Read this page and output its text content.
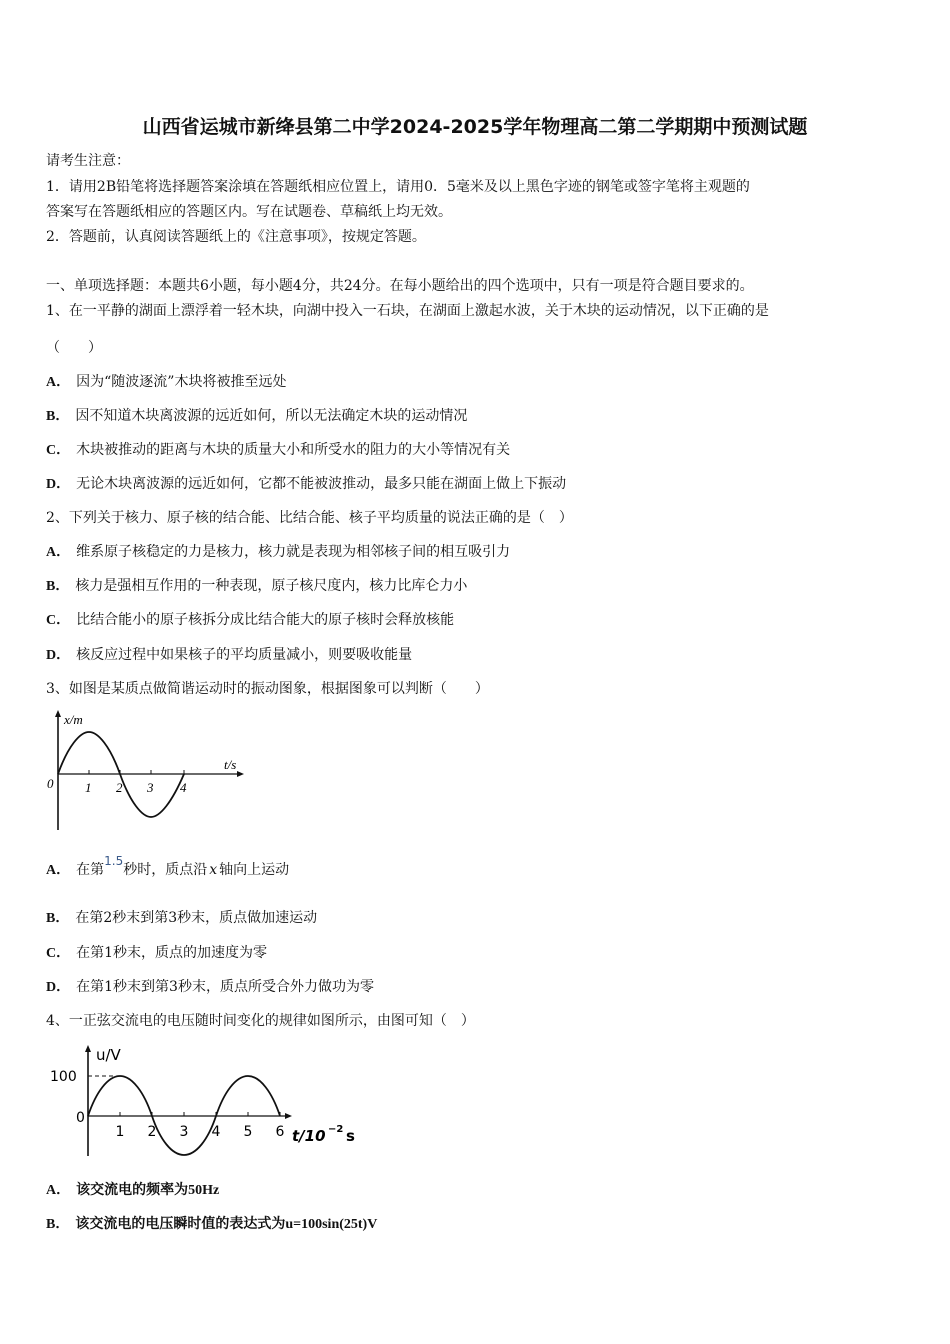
山西省运城市新绛县第二中学2024-2025学年物理高二第二学期期中预测试题
请考生注意：
1．请用2B铅笔将选择题答案涂填在答题纸相应位置上，请用0．5毫米及以上黑色字迹的钢笔或签字笔将主观题的
答案写在答题纸相应的答题区内。写在试题卷、草稿纸上均无效。
2．答题前，认真阅读答题纸上的《注意事项》，按规定答题。
一、单项选择题：本题共6小题，每小题4分，共24分。在每小题给出的四个选项中，只有一项是符合题目要求的。
1、在一平静的湖面上漂浮着一轻木块，向湖中投入一石块，在湖面上激起水波，关于木块的运动情况，以下正确的是
（　　）
A． 因为“随波逐流”木块将被推至远处
B． 因不知道木块离波源的远近如何，所以无法确定木块的运动情况
C． 木块被推动的距离与木块的质量大小和所受水的阻力的大小等情况有关
D． 无论木块离波源的远近如何，它都不能被波推动，最多只能在湖面上做上下振动
2、下列关于核力、原子核的结合能、比结合能、核子平均质量的说法正确的是（　）
A． 维系原子核稳定的力是核力，核力就是表现为相邻核子间的相互吸引力
B． 核力是强相互作用的一种表现，原子核尺度内，核力比库仑力小
C． 比结合能小的原子核拆分成比结合能大的原子核时会释放核能
D． 核反应过程中如果核子的平均质量减小，则要吸收能量
3、如图是某质点做简谐运动时的振动图象，根据图象可以判断（　　）
x/m
t/s
0 1 2 3 4
A． 在第1.5秒时，质点沿 x 轴向上运动
B． 在第2秒末到第3秒末，质点做加速运动
C． 在第1秒末，质点的加速度为零
D． 在第1秒末到第3秒末，质点所受合外力做功为零
4、一正弦交流电的电压随时间变化的规律如图所示，由图可知（　）
u/V
100
0
1 2 3 4 5 6 t/10 −2 s
A． 该交流电的频率为50Hz
B． 该交流电的电压瞬时值的表达式为u=100sin(25t)V
